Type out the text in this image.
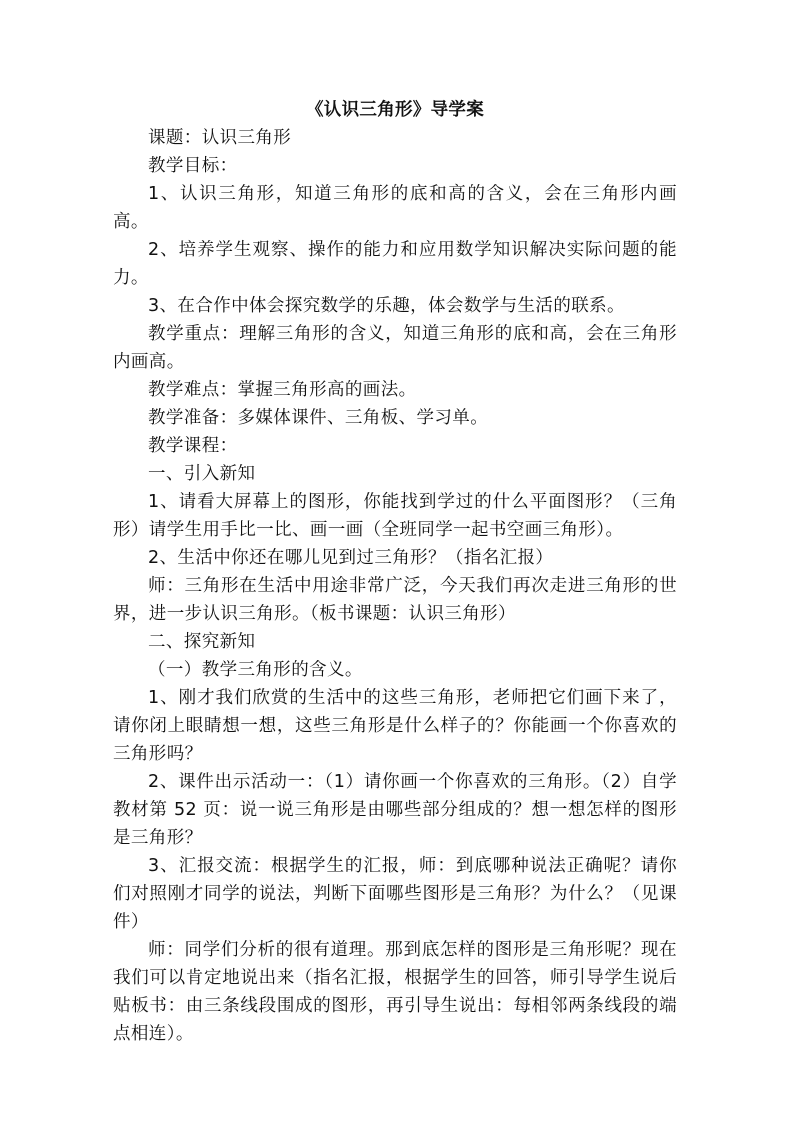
《认识三角形》导学案

课题：认识三角形

教学目标：

1、认识三角形，知道三角形的底和高的含义，会在三角形内画高。

2、培养学生观察、操作的能力和应用数学知识解决实际问题的能力。

3、在合作中体会探究数学的乐趣，体会数学与生活的联系。

教学重点：理解三角形的含义，知道三角形的底和高，会在三角形内画高。

教学难点：掌握三角形高的画法。

教学准备：多媒体课件、三角板、学习单。

教学课程：

一、引入新知

1、请看大屏幕上的图形，你能找到学过的什么平面图形？（三角形）请学生用手比一比、画一画（全班同学一起书空画三角形）。

2、生活中你还在哪儿见到过三角形？（指名汇报）

师：三角形在生活中用途非常广泛，今天我们再次走进三角形的世界，进一步认识三角形。（板书课题：认识三角形）

二、探究新知

（一）教学三角形的含义。

1、刚才我们欣赏的生活中的这些三角形，老师把它们画下来了，请你闭上眼睛想一想，这些三角形是什么样子的？你能画一个你喜欢的三角形吗？

2、课件出示活动一：（1）请你画一个你喜欢的三角形。（2）自学教材第 52 页：说一说三角形是由哪些部分组成的？想一想怎样的图形是三角形？

3、汇报交流：根据学生的汇报，师：到底哪种说法正确呢？请你们对照刚才同学的说法，判断下面哪些图形是三角形？为什么？（见课件）

师：同学们分析的很有道理。那到底怎样的图形是三角形呢？现在我们可以肯定地说出来（指名汇报，根据学生的回答，师引导学生说后贴板书：由三条线段围成的图形，再引导生说出：每相邻两条线段的端点相连）。
